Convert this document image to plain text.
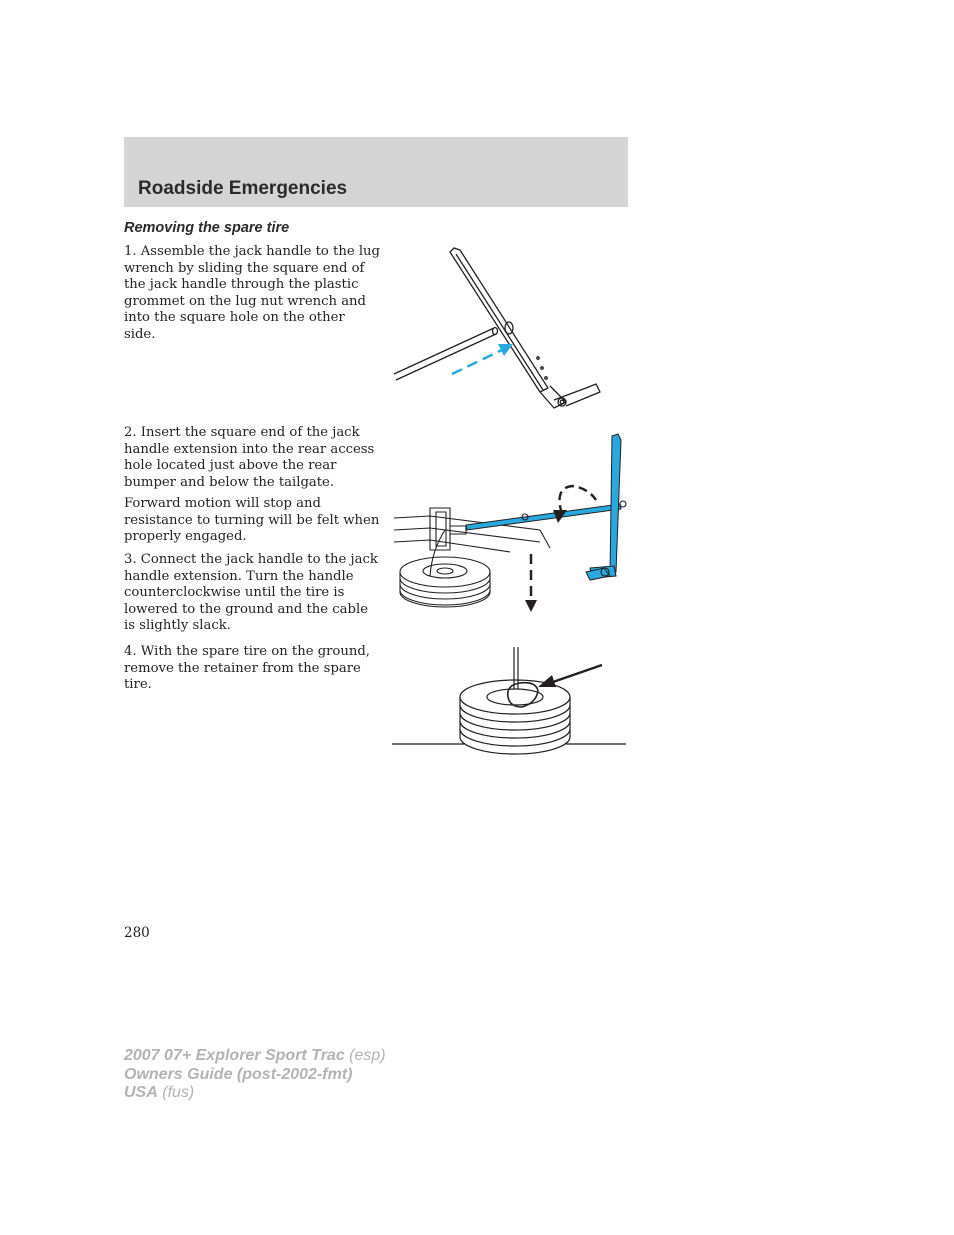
Roadside Emergencies
Removing the spare tire

1. Assemble the jack handle to the lug wrench by sliding the square end of the jack handle through the plastic grommet on the lug nut wrench and into the square hole on the other side.

2. Insert the square end of the jack handle extension into the rear access hole located just above the rear bumper and below the tailgate.

Forward motion will stop and resistance to turning will be felt when properly engaged.

3. Connect the jack handle to the jack handle extension. Turn the handle counterclockwise until the tire is lowered to the ground and the cable is slightly slack.

4. With the spare tire on the ground, remove the retainer from the spare tire.

280

2007 07+ Explorer Sport Trac (esp)
Owners Guide (post-2002-fmt)
USA (fus)
